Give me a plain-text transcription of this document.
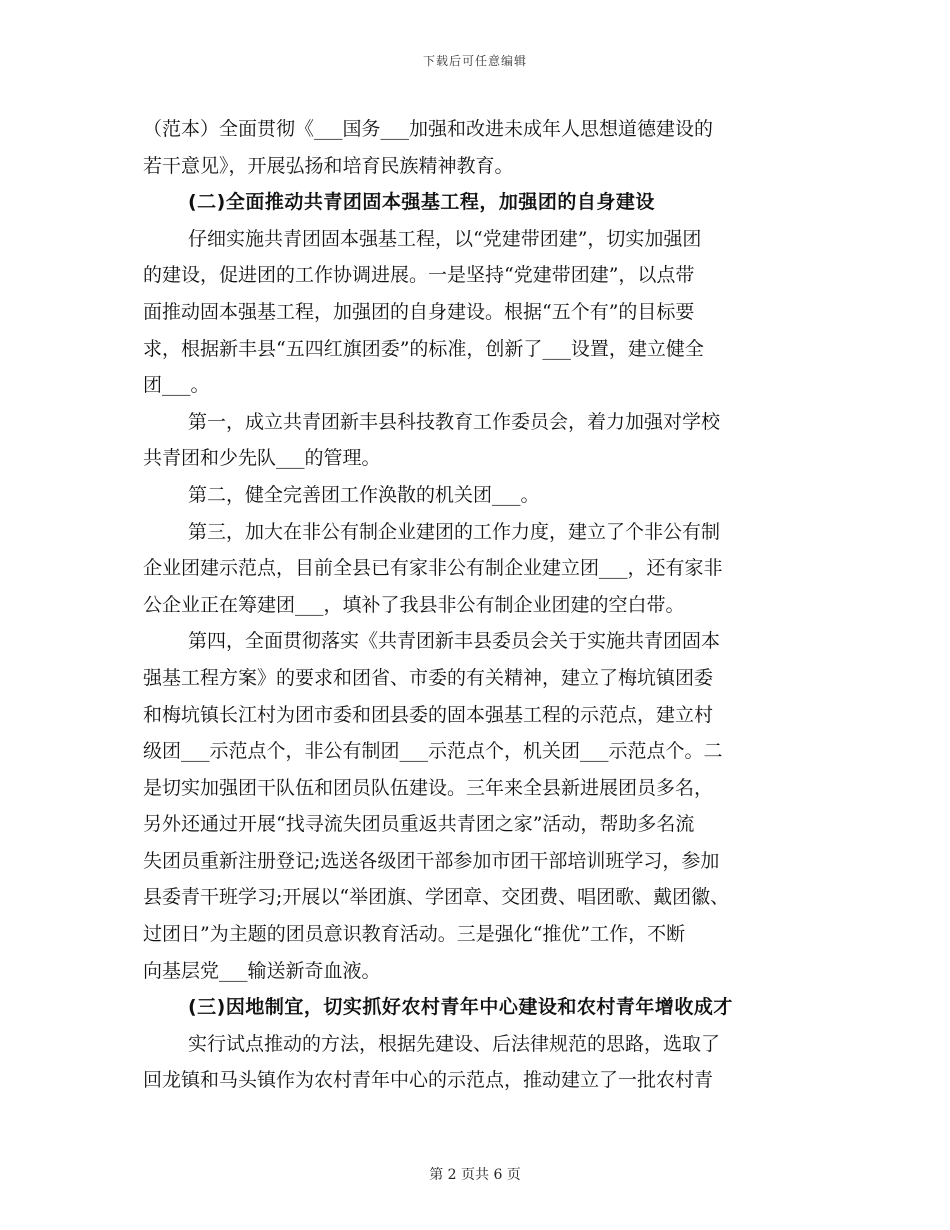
下载后可任意编辑
（范本）全面贯彻《___国务___加强和改进未成年人思想道德建设的
若干意见》，开展弘扬和培育民族精神教育。
(二)全面推动共青团固本强基工程，加强团的自身建设
仔细实施共青团固本强基工程，以“党建带团建”，切实加强团
的建设，促进团的工作协调进展。一是坚持“党建带团建”，以点带
面推动固本强基工程，加强团的自身建设。根据“五个有”的目标要
求，根据新丰县“五四红旗团委”的标准，创新了___设置，建立健全
团___。
第一，成立共青团新丰县科技教育工作委员会，着力加强对学校
共青团和少先队___的管理。
第二，健全完善团工作涣散的机关团___。
第三，加大在非公有制企业建团的工作力度，建立了个非公有制
企业团建示范点，目前全县已有家非公有制企业建立团___，还有家非
公企业正在筹建团___，填补了我县非公有制企业团建的空白带。
第四，全面贯彻落实《共青团新丰县委员会关于实施共青团固本
强基工程方案》的要求和团省、市委的有关精神，建立了梅坑镇团委
和梅坑镇长江村为团市委和团县委的固本强基工程的示范点，建立村
级团___示范点个，非公有制团___示范点个，机关团___示范点个。二
是切实加强团干队伍和团员队伍建设。三年来全县新进展团员多名，
另外还通过开展“找寻流失团员重返共青团之家”活动，帮助多名流
失团员重新注册登记;选送各级团干部参加市团干部培训班学习，参加
县委青干班学习;开展以“举团旗、学团章、交团费、唱团歌、戴团徽、
过团日”为主题的团员意识教育活动。三是强化“推优”工作，不断
向基层党___输送新奇血液。
(三)因地制宜，切实抓好农村青年中心建设和农村青年增收成才
实行试点推动的方法，根据先建设、后法律规范的思路，选取了
回龙镇和马头镇作为农村青年中心的示范点，推动建立了一批农村青
第 2 页共 6 页
